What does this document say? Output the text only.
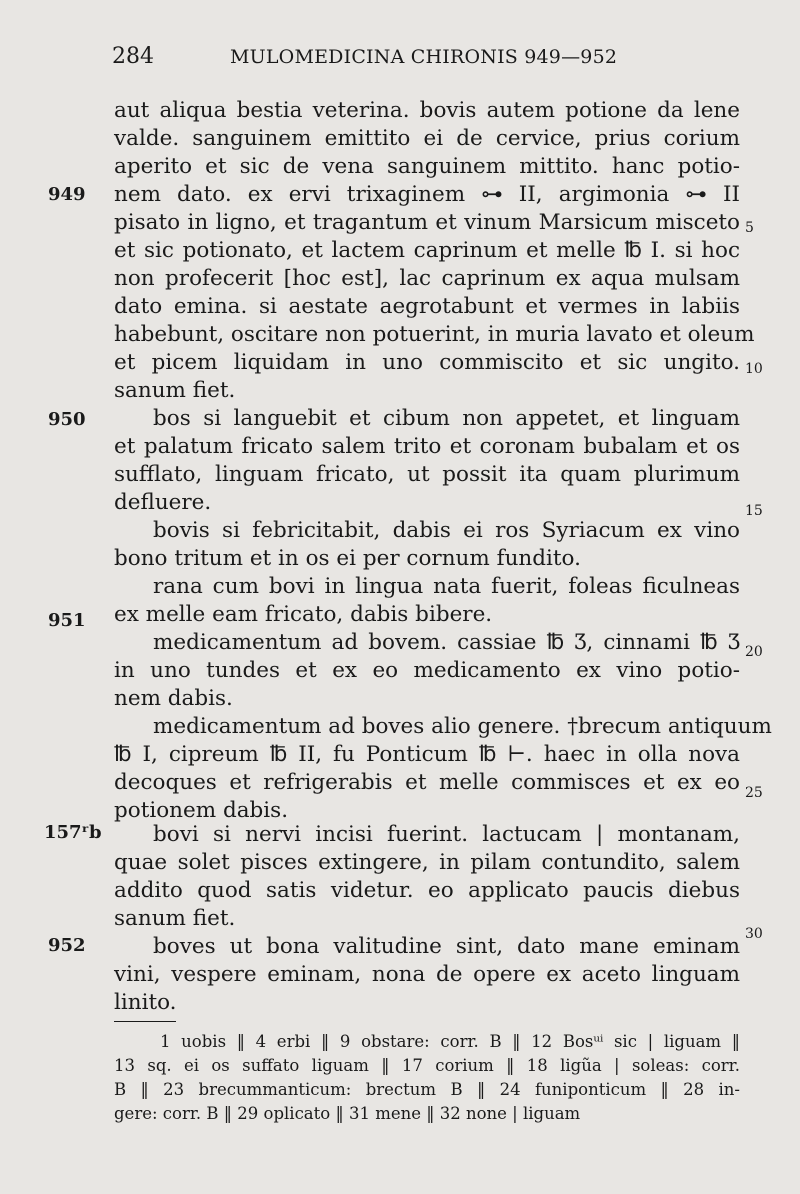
284	MULOMEDICINA CHIRONIS 949—952
949
950
951
157ʳb
952
5
10
15
20
25
30
aut aliqua bestia veterina. bovis autem potione da lene
valde. sanguinem emittito ei de cervice, prius corium
aperito et sic de vena sanguinem mittito. hanc potio-
nem dato. ex ervi trixaginem ⊶ II, argimonia ⊶ II
pisato in ligno, et tragantum et vinum Marsicum misceto
et sic potionato, et lactem caprinum et melle ℔ I. si hoc
non profecerit [hoc est], lac caprinum ex aqua mulsam
dato emina. si aestate aegrotabunt et vermes in labiis
habebunt, oscitare non potuerint, in muria lavato et oleum
et picem liquidam in uno commiscito et sic ungito.
sanum fiet.
bos si languebit et cibum non appetet, et linguam
et palatum fricato salem trito et coronam bubalam et os
sufflato, linguam fricato, ut possit ita quam plurimum
defluere.
bovis si febricitabit, dabis ei ros Syriacum ex vino
bono tritum et in os ei per cornum fundito.
rana cum bovi in lingua nata fuerit, foleas ficulneas
ex melle eam fricato, dabis bibere.
medicamentum ad bovem. cassiae ℔ Ʒ, cinnami ℔ Ʒ
in uno tundes et ex eo medicamento ex vino potio-
nem dabis.
medicamentum ad boves alio genere. †brecum antiquum
℔ I, cipreum ℔ II, fu Ponticum ℔ ⊢. haec in olla nova
decoques et refrigerabis et melle commisces et ex eo
potionem dabis.
bovi si nervi incisi fuerint. lactucam | montanam,
quae solet pisces extingere, in pilam contundito, salem
addito quod satis videtur. eo applicato paucis diebus
sanum fiet.
boves ut bona valitudine sint, dato mane eminam
vini, vespere eminam, nona de opere ex aceto linguam
linito.
1 uobis ‖ 4 erbi ‖ 9 obstare: corr. B ‖ 12 Bosᵘⁱ sic | liguam ‖
13 sq. ei os suffato liguam ‖ 17 corium ‖ 18 ligũa | soleas: corr.
B ‖ 23 brecummanticum: brectum B ‖ 24 funiponticum ‖ 28 in-
gere: corr. B ‖ 29 oplicato ‖ 31 mene ‖ 32 none | liguam
